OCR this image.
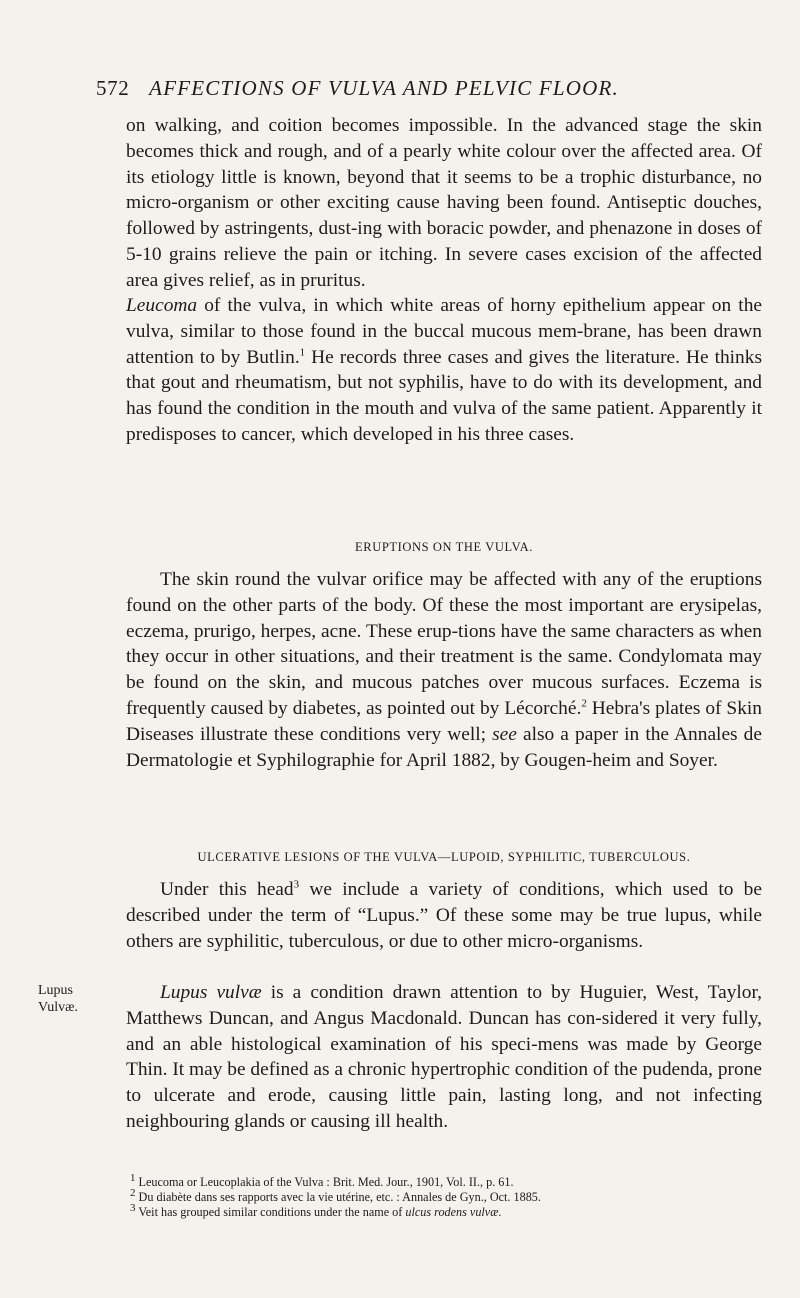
572 AFFECTIONS OF VULVA AND PELVIC FLOOR.

on walking, and coition becomes impossible. In the advanced stage the skin becomes thick and rough, and of a pearly white colour over the affected area. Of its etiology little is known, beyond that it seems to be a trophic disturbance, no micro-organism or other exciting cause having been found. Antiseptic douches, followed by astringents, dust-ing with boracic powder, and phenazone in doses of 5-10 grains relieve the pain or itching. In severe cases excision of the affected area gives relief, as in pruritus.

Leucoma of the vulva, in which white areas of horny epithelium appear on the vulva, similar to those found in the buccal mucous mem-brane, has been drawn attention to by Butlin.$^1$ He records three cases and gives the literature. He thinks that gout and rheumatism, but not syphilis, have to do with its development, and has found the condition in the mouth and vulva of the same patient. Apparently it predisposes to cancer, which developed in his three cases.

ERUPTIONS ON THE VULVA.

The skin round the vulvar orifice may be affected with any of the eruptions found on the other parts of the body. Of these the most important are erysipelas, eczema, prurigo, herpes, acne. These erup-tions have the same characters as when they occur in other situations, and their treatment is the same. Condylomata may be found on the skin, and mucous patches over mucous surfaces. Eczema is frequently caused by diabetes, as pointed out by Lécorché.$^2$ Hebra's plates of Skin Diseases illustrate these conditions very well; see also a paper in the Annales de Dermatologie et Syphilographie for April 1882, by Gougen-heim and Soyer.

ULCERATIVE LESIONS OF THE VULVA—LUPOID, SYPHILITIC, TUBERCULOUS.

Under this head$^3$ we include a variety of conditions, which used to be described under the term of “Lupus.” Of these some may be true lupus, while others are syphilitic, tuberculous, or due to other micro-organisms.

Lupus
Vulvæ.

Lupus vulvæ is a condition drawn attention to by Huguier, West, Taylor, Matthews Duncan, and Angus Macdonald. Duncan has con-sidered it very fully, and an able histological examination of his speci-mens was made by George Thin. It may be defined as a chronic hypertrophic condition of the pudenda, prone to ulcerate and erode, causing little pain, lasting long, and not infecting neighbouring glands or causing ill health.

$^1$ Leucoma or Leucoplakia of the Vulva : Brit. Med. Jour., 1901, Vol. II., p. 61.

$^2$ Du diabète dans ses rapports avec la vie utérine, etc. : Annales de Gyn., Oct. 1885.

$^3$ Veit has grouped similar conditions under the name of ulcus rodens vulvæ.
